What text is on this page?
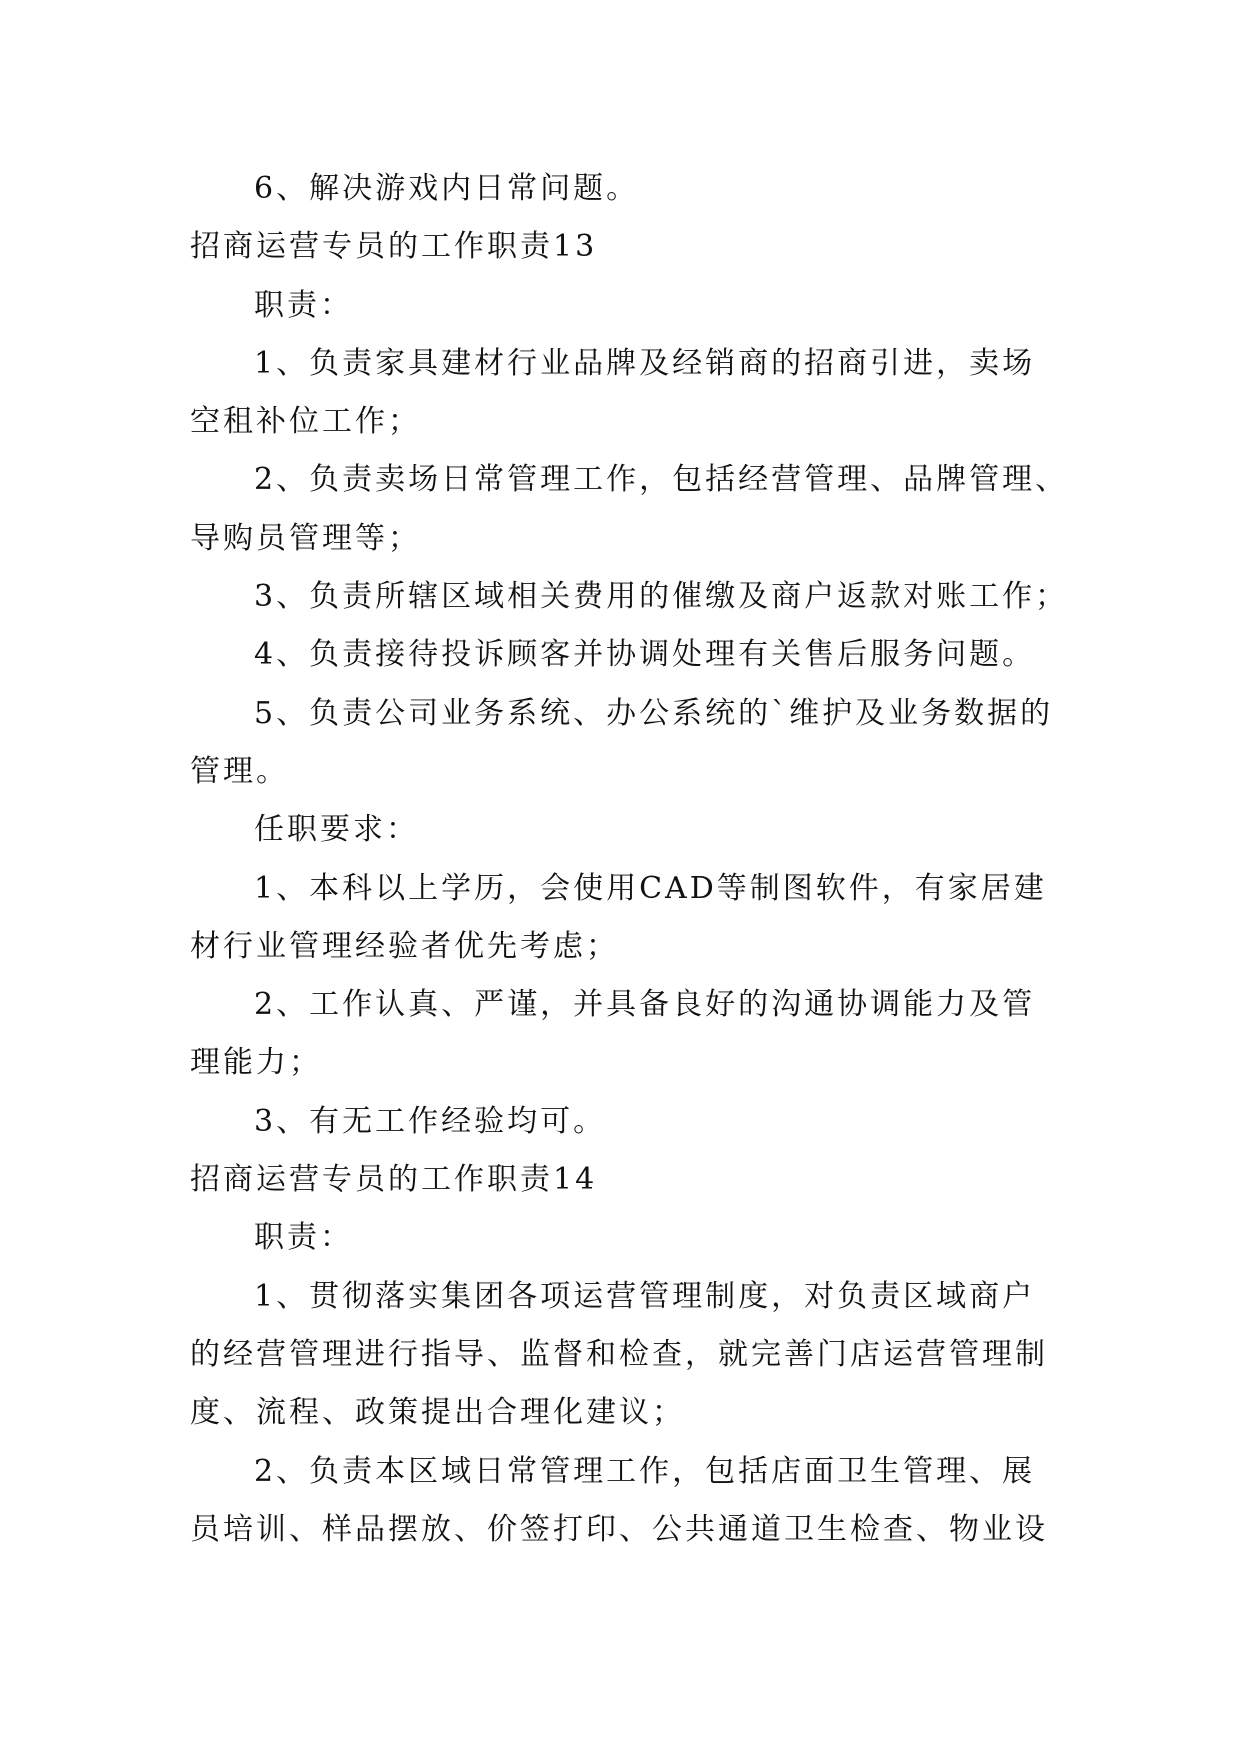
6、解决游戏内日常问题。

招商运营专员的工作职责13

职责：

1、负责家具建材行业品牌及经销商的招商引进，卖场

空租补位工作；

2、负责卖场日常管理工作，包括经营管理、品牌管理、

导购员管理等；

3、负责所辖区域相关费用的催缴及商户返款对账工作；

4、负责接待投诉顾客并协调处理有关售后服务问题。

5、负责公司业务系统、办公系统的`维护及业务数据的

管理。

任职要求：

1、本科以上学历，会使用CAD等制图软件，有家居建

材行业管理经验者优先考虑；

2、工作认真、严谨，并具备良好的沟通协调能力及管

理能力；

3、有无工作经验均可。

招商运营专员的工作职责14

职责：

1、贯彻落实集团各项运营管理制度，对负责区域商户

的经营管理进行指导、监督和检查，就完善门店运营管理制

度、流程、政策提出合理化建议；

2、负责本区域日常管理工作，包括店面卫生管理、展

员培训、样品摆放、价签打印、公共通道卫生检查、物业设
